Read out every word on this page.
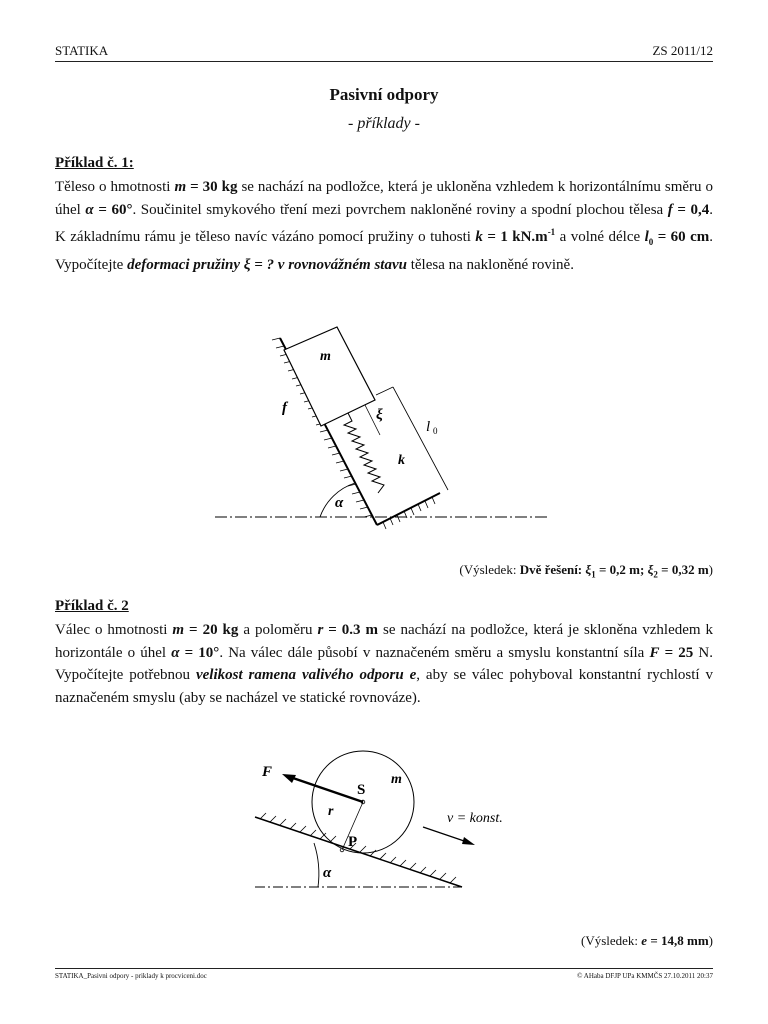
STATIKA	ZS 2011/12
Pasivní odpory
- příklady -
Příklad č. 1:
Těleso o hmotnosti m = 30 kg se nachází na podložce, která je ukloněna vzhledem k horizontálnímu směru o úhel α = 60°. Součinitel smykového tření mezi povrchem nakloněné roviny a spodní plochou tělesa f = 0,4. K základnímu rámu je těleso navíc vázáno pomocí pružiny o tuhosti k = 1 $kN.m^{-1}$ a volné délce $l_0 = 60$ cm. Vypočítejte deformaci pružiny ξ = ? v rovnovážném stavu tělesa na nakloněné rovině.
m
f	ξ
l 0
k
α
(Výsledek: Dvě řešení: $\xi_1 = 0,2$ m; $\xi_2 = 0,32$ m)
Příklad č. 2
Válec o hmotnosti m = 20 kg a poloměru r = 0.3 m se nachází na podložce, která je skloněna vzhledem k horizontále o úhel α = 10°. Na válec dále působí v naznačeném směru a smyslu konstantní síla F = 25 N. Vypočítejte potřebnou velikost ramena valivého odporu e, aby se válec pohyboval konstantní rychlostí v naznačeném smyslu (aby se nacházel ve statické rovnováze).
F
S
m
r
P
v = konst.
α
(Výsledek: e = 14,8 mm)
STATIKA_Pasivni odpory - priklady k procviceni.doc	© AHaba DFJP UPa KMMČS 27.10.2011 20:37
